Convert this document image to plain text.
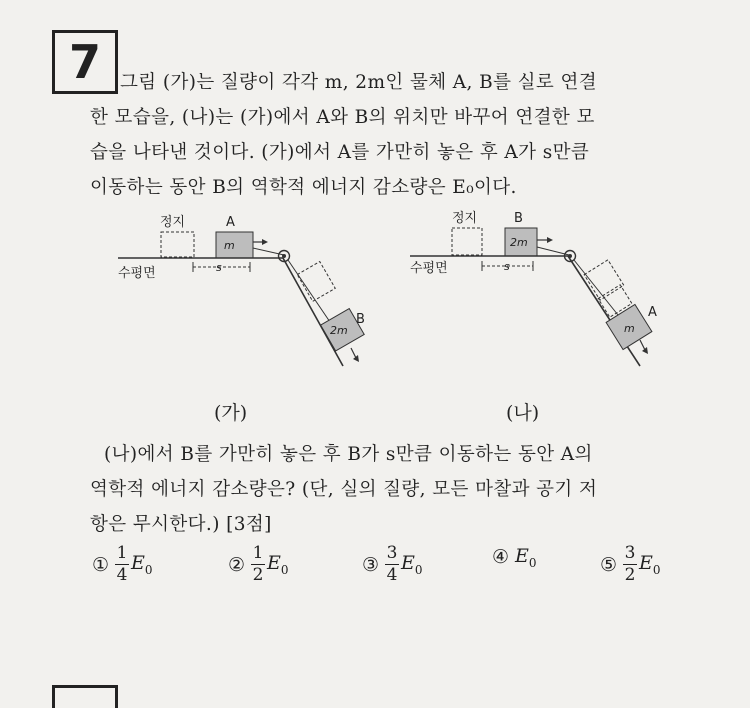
7	그림 (가)는 질량이 각각 m, 2m인 물체 A, B를 실로 연결
한 모습을, (나)는 (가)에서 A와 B의 위치만 바꾸어 연결한 모
습을 나타낸 것이다. (가)에서 A를 가만히 놓은 후 A가 s만큼
이동하는 동안 B의 역학적 에너지 감소량은 E₀이다.
정지	A
m
수평면	s
2m
B
정지	B
2m
수평면	s
m
A
(가)	(나)
(나)에서 B를 가만히 놓은 후 B가 s만큼 이동하는 동안 A의
역학적 에너지 감소량은? (단, 실의 질량, 모든 마찰과 공기 저
항은 무시한다.) [3점]
① $\frac{1}{4} E_0$	② $\frac{1}{2} E_0$	③ $\frac{3}{4} E_0$
④ $E_0$	⑤ $\frac{3}{2} E_0$
